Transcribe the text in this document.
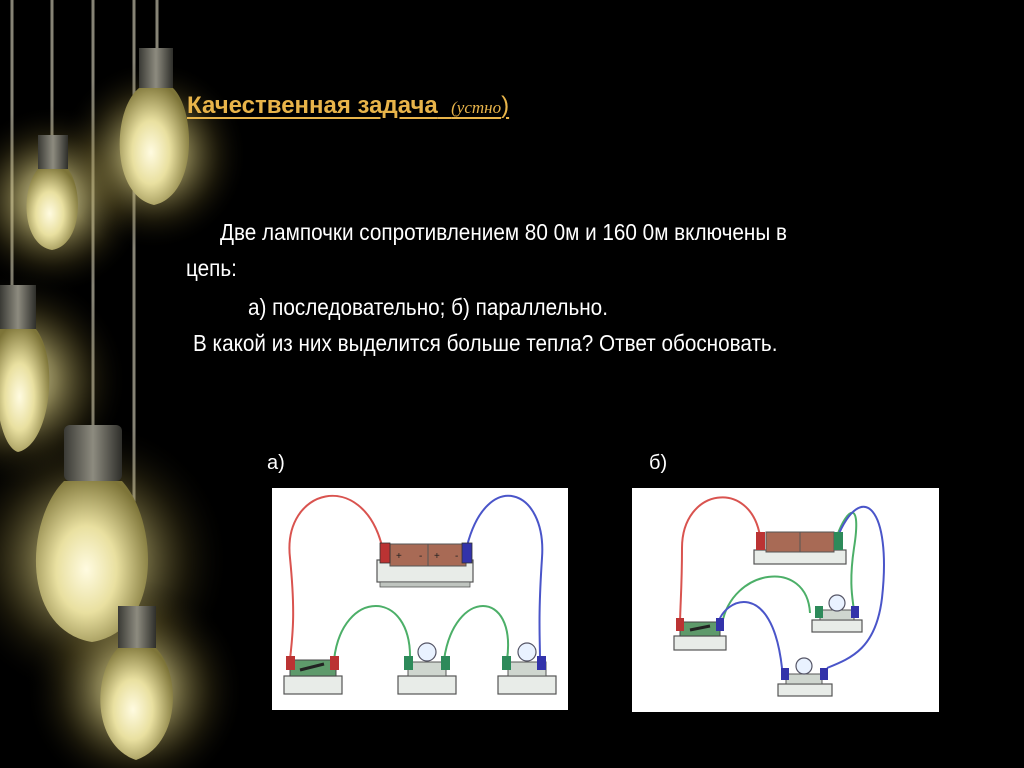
Качественная задача (устно)
Две лампочки сопротивлением 80 0м и 160 0м включены в
цепь:
а) последовательно; б) параллельно.
В какой из них выделится больше тепла? Ответ обосновать.
а)	б)
+ - + -
